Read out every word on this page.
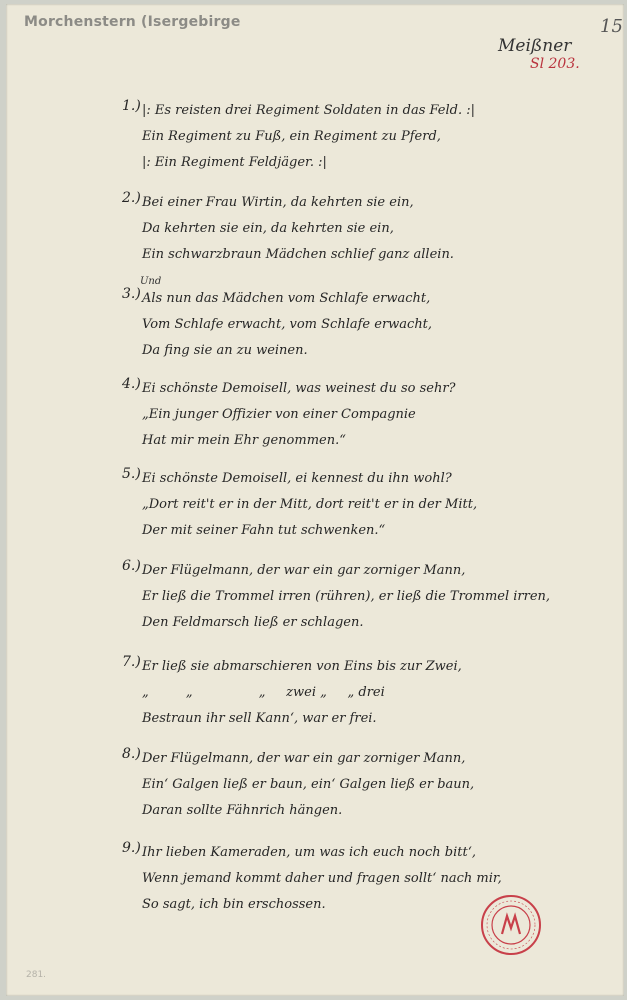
Morchenstern (Isergebirge	15
Meißner
Sl 203.
1.) |: Es reisten drei Regiment Soldaten in das Feld. :|
Ein Regiment zu Fuß, ein Regiment zu Pferd,
|: Ein Regiment Feldjäger. :|
2.) Bei einer Frau Wirtin, da kehrten sie ein,
Da kehrten sie ein, da kehrten sie ein,
Ein schwarzbraun Mädchen schlief ganz allein.
Und
3.) Als nun das Mädchen vom Schlafe erwacht,
Vom Schlafe erwacht, vom Schlafe erwacht,
Da fing sie an zu weinen.
4.) Ei schönste Demoisell, was weinest du so sehr?
„Ein junger Offizier von einer Compagnie
Hat mir mein Ehr genommen.“
5.) Ei schönste Demoisell, ei kennest du ihn wohl?
„Dort reit't er in der Mitt, dort reit't er in der Mitt,
Der mit seiner Fahn tut schwenken.“
6.) Der Flügelmann, der war ein gar zorniger Mann,
Er ließ die Trommel irren (rühren), er ließ die Trommel irren,
Den Feldmarsch ließ er schlagen.
7.) Er ließ sie abmarschieren von Eins bis zur Zwei,
„         „                „     zwei „     „ drei
Bestraun ihr sell Kann‘, war er frei.
8.) Der Flügelmann, der war ein gar zorniger Mann,
Ein‘ Galgen ließ er baun, ein‘ Galgen ließ er baun,
Daran sollte Fähnrich hängen.
9.) Ihr lieben Kameraden, um was ich euch noch bitt‘,
Wenn jemand kommt daher und fragen sollt‘ nach mir,
So sagt, ich bin erschossen.
281.
